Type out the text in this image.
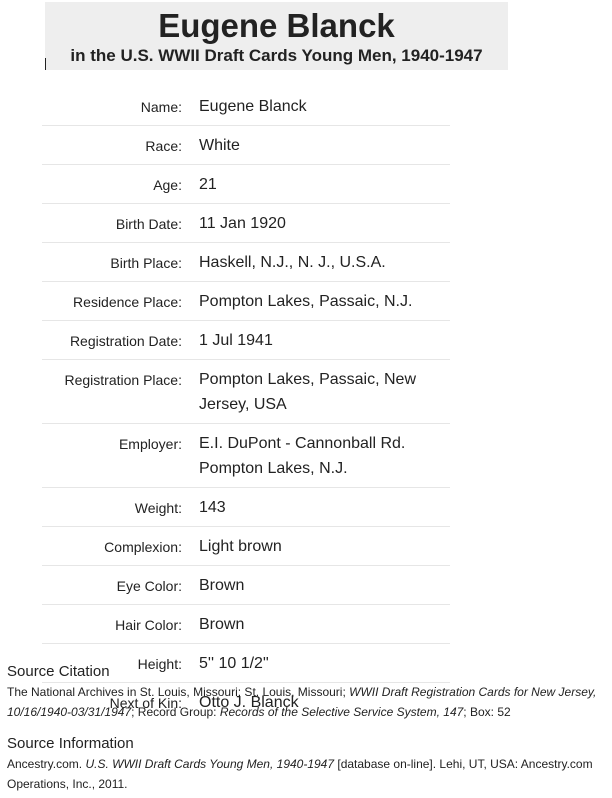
Eugene Blanck
in the U.S. WWII Draft Cards Young Men, 1940-1947
Name:	Eugene Blanck

Race:	White

Age:	21

Birth Date:	11 Jan 1920

Birth Place:	Haskell, N.J., N. J., U.S.A.

Residence Place:	Pompton Lakes, Passaic, N.J.

Registration Date:	1 Jul 1941

Registration Place:	Pompton Lakes, Passaic, New Jersey, USA

Employer:	E.I. DuPont - Cannonball Rd. Pompton Lakes, N.J.

Weight:	143

Complexion:	Light brown

Eye Color:	Brown

Hair Color:	Brown

Height:	5'' 10 1/2"

Next of Kin:	Otto J. Blanck
Source Citation
The National Archives in St. Louis, Missouri; St. Louis, Missouri; WWII Draft Registration Cards for New Jersey, 10/16/1940-03/31/1947; Record Group: Records of the Selective Service System, 147; Box: 52
Source Information
Ancestry.com. U.S. WWII Draft Cards Young Men, 1940-1947 [database on-line]. Lehi, UT, USA: Ancestry.com Operations, Inc., 2011.
